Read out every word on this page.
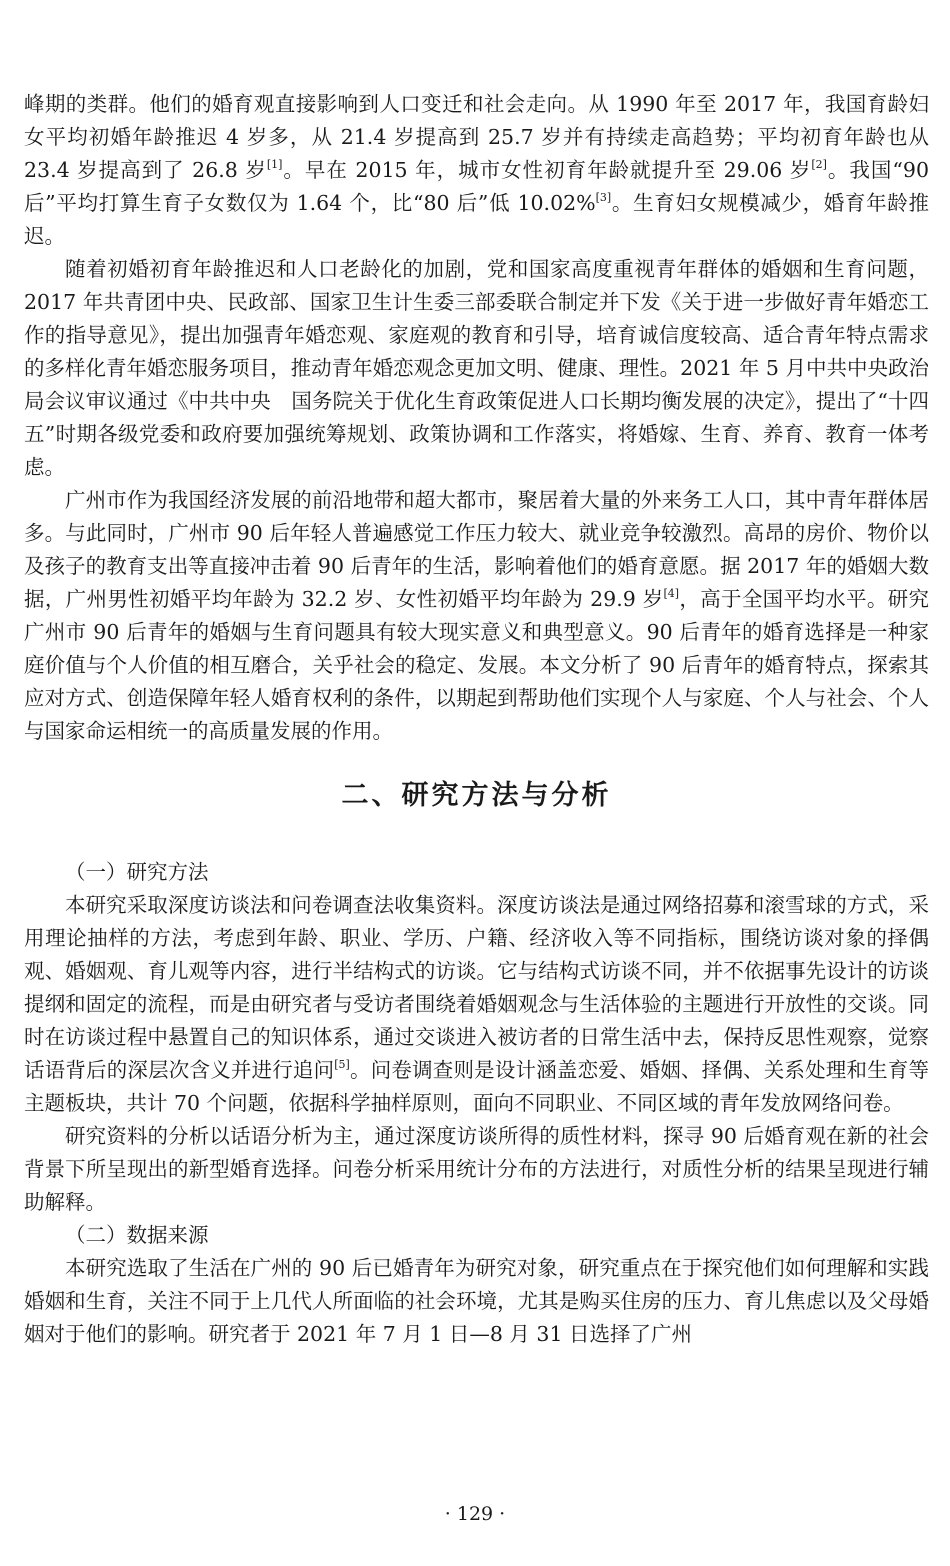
峰期的类群。他们的婚育观直接影响到人口变迁和社会走向。从 1990 年至 2017 年，我国育龄妇女平均初婚年龄推迟 4 岁多，从 21.4 岁提高到 25.7 岁并有持续走高趋势；平均初育年龄也从 23.4 岁提高到了 26.8 岁[1]。早在 2015 年，城市女性初育年龄就提升至 29.06 岁[2]。我国“90 后”平均打算生育子女数仅为 1.64 个，比“80 后”低 10.02%[3]。生育妇女规模减少，婚育年龄推迟。

随着初婚初育年龄推迟和人口老龄化的加剧，党和国家高度重视青年群体的婚姻和生育问题，2017 年共青团中央、民政部、国家卫生计生委三部委联合制定并下发《关于进一步做好青年婚恋工作的指导意见》，提出加强青年婚恋观、家庭观的教育和引导，培育诚信度较高、适合青年特点需求的多样化青年婚恋服务项目，推动青年婚恋观念更加文明、健康、理性。2021 年 5 月中共中央政治局会议审议通过《中共中央　国务院关于优化生育政策促进人口长期均衡发展的决定》，提出了“十四五”时期各级党委和政府要加强统筹规划、政策协调和工作落实，将婚嫁、生育、养育、教育一体考虑。

广州市作为我国经济发展的前沿地带和超大都市，聚居着大量的外来务工人口，其中青年群体居多。与此同时，广州市 90 后年轻人普遍感觉工作压力较大、就业竞争较激烈。高昂的房价、物价以及孩子的教育支出等直接冲击着 90 后青年的生活，影响着他们的婚育意愿。据 2017 年的婚姻大数据，广州男性初婚平均年龄为 32.2 岁、女性初婚平均年龄为 29.9 岁[4]，高于全国平均水平。研究广州市 90 后青年的婚姻与生育问题具有较大现实意义和典型意义。90 后青年的婚育选择是一种家庭价值与个人价值的相互磨合，关乎社会的稳定、发展。本文分析了 90 后青年的婚育特点，探索其应对方式、创造保障年轻人婚育权利的条件，以期起到帮助他们实现个人与家庭、个人与社会、个人与国家命运相统一的高质量发展的作用。

二、研究方法与分析

（一）研究方法

本研究采取深度访谈法和问卷调查法收集资料。深度访谈法是通过网络招募和滚雪球的方式，采用理论抽样的方法，考虑到年龄、职业、学历、户籍、经济收入等不同指标，围绕访谈对象的择偶观、婚姻观、育儿观等内容，进行半结构式的访谈。它与结构式访谈不同，并不依据事先设计的访谈提纲和固定的流程，而是由研究者与受访者围绕着婚姻观念与生活体验的主题进行开放性的交谈。同时在访谈过程中悬置自己的知识体系，通过交谈进入被访者的日常生活中去，保持反思性观察，觉察话语背后的深层次含义并进行追问[5]。问卷调查则是设计涵盖恋爱、婚姻、择偶、关系处理和生育等主题板块，共计 70 个问题，依据科学抽样原则，面向不同职业、不同区域的青年发放网络问卷。

研究资料的分析以话语分析为主，通过深度访谈所得的质性材料，探寻 90 后婚育观在新的社会背景下所呈现出的新型婚育选择。问卷分析采用统计分布的方法进行，对质性分析的结果呈现进行辅助解释。

（二）数据来源

本研究选取了生活在广州的 90 后已婚青年为研究对象，研究重点在于探究他们如何理解和实践婚姻和生育，关注不同于上几代人所面临的社会环境，尤其是购买住房的压力、育儿焦虑以及父母婚姻对于他们的影响。研究者于 2021 年 7 月 1 日—8 月 31 日选择了广州

· 129 ·
